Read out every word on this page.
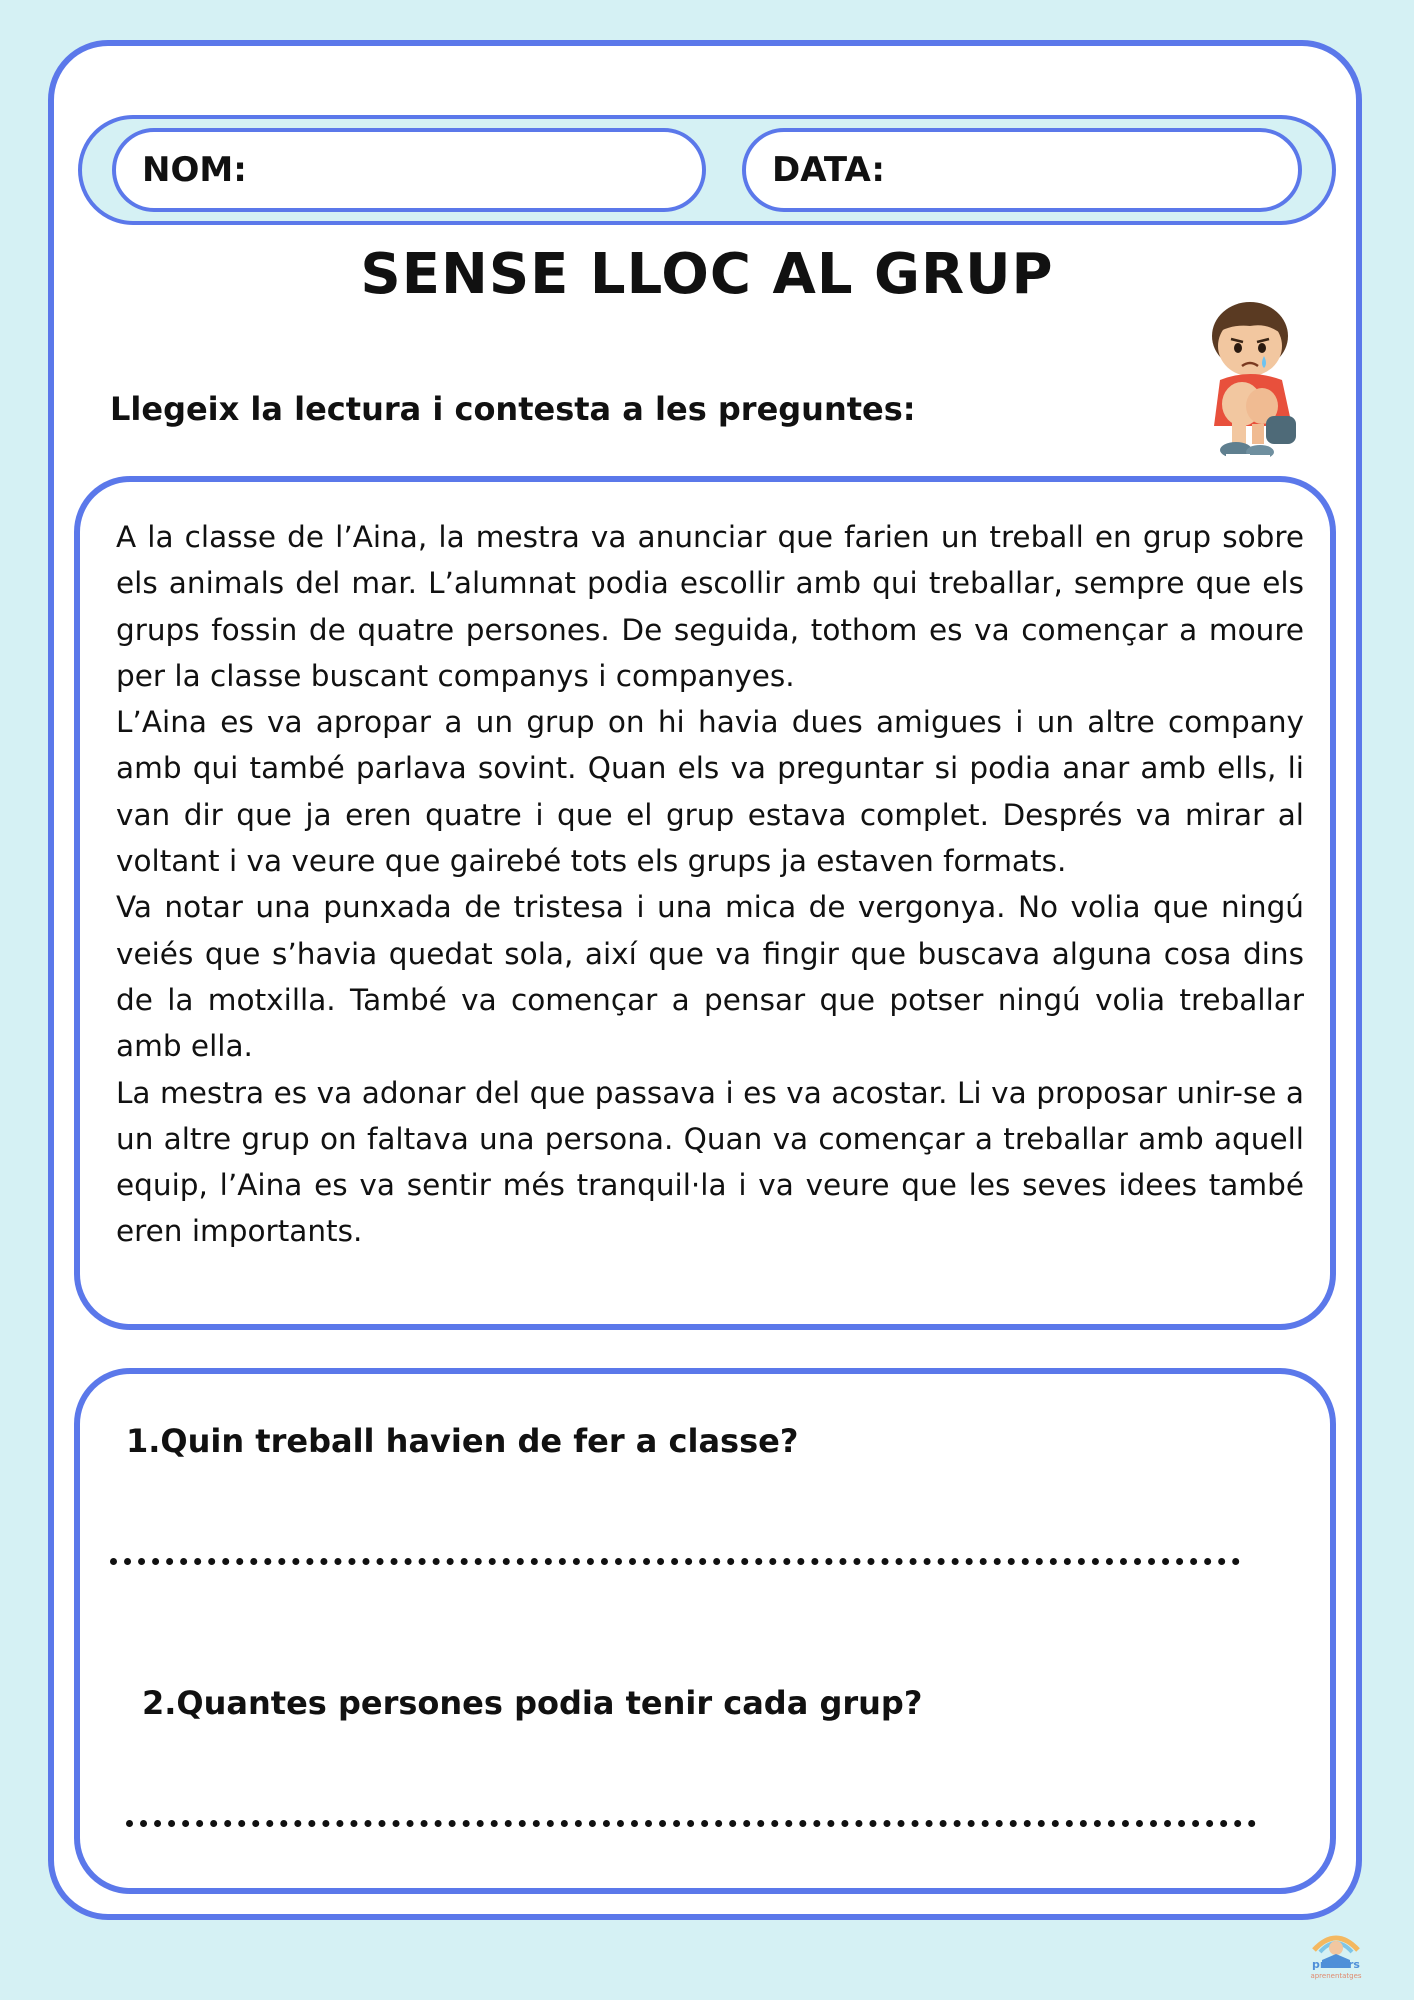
NOM:	DATA:
SENSE LLOC AL GRUP
Llegeix la lectura i contesta a les preguntes:

A la classe de l’Aina, la mestra va anunciar que farien un treball en grup sobre els animals del mar. L’alumnat podia escollir amb qui treballar, sempre que els grups fossin de quatre persones. De seguida, tothom es va començar a moure per la classe buscant companys i companyes.

L’Aina es va apropar a un grup on hi havia dues amigues i un altre company amb qui també parlava sovint. Quan els va preguntar si podia anar amb ells, li van dir que ja eren quatre i que el grup estava complet. Després va mirar al voltant i va veure que gairebé tots els grups ja estaven formats.

Va notar una punxada de tristesa i una mica de vergonya. No volia que ningú veiés que s’havia quedat sola, així que va fingir que buscava alguna cosa dins de la motxilla. També va començar a pensar que potser ningú volia treballar amb ella.

La mestra es va adonar del que passava i es va acostar. Li va proposar unir-se a un altre grup on faltava una persona. Quan va començar a treballar amb aquell equip, l’Aina es va sentir més tranquil·la i va veure que les seves idees també eren importants.

1.Quin treball havien de fer a classe?
2.Quantes persones podia tenir cada grup?
primers
aprenentatges
